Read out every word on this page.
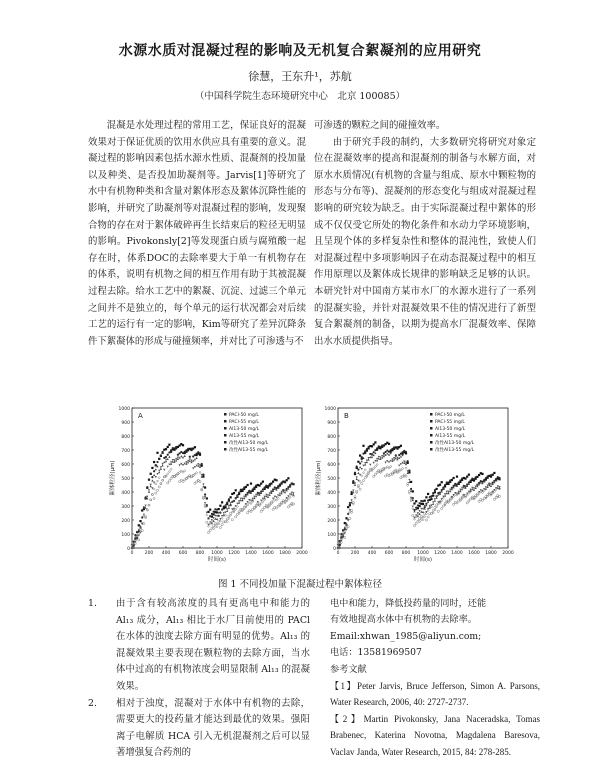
水源水质对混凝过程的影响及无机复合絮凝剂的应用研究
徐慧，王东升¹，苏航
（中国科学院生态环境研究中心　北京 100085）

混凝是水处理过程的常用工艺，保证良好的混凝效果对于保证优质的饮用水供应具有重要的意义。混凝过程的影响因素包括水源水性质、混凝剂的投加量以及种类、是否投加助凝剂等。Jarvis[1]等研究了水中有机物种类和含量对絮体形态及絮体沉降性能的影响，并研究了助凝剂等对混凝过程的影响，发现聚合物的存在对于絮体破碎再生长结束后的粒径无明显的影响。Pivokonsly[2]等发现蛋白质与腐殖酸一起存在时，体系DOC的去除率要大于单一有机物存在的体系，说明有机物之间的相互作用有助于其被混凝过程去除。给水工艺中的絮凝、沉淀、过滤三个单元之间并不是独立的，每个单元的运行状况都会对后续工艺的运行有一定的影响，Kim等研究了差异沉降条件下絮凝体的形成与碰撞频率，并对比了可渗透与不

可渗透的颗粒之间的碰撞效率。

由于研究手段的制约，大多数研究将研究对象定位在混凝效率的提高和混凝剂的制备与水解方面，对原水水质情况(有机物的含量与组成、原水中颗粒物的形态与分布等)、混凝剂的形态变化与组成对混凝过程影响的研究较为缺乏。由于实际混凝过程中絮体的形成不仅仅受它所处的物化条件和水动力学环境影响，且呈现个体的多样复杂性和整体的混沌性，致使人们对混凝过程中多项影响因子在动态混凝过程中的相互作用原理以及絮体成长规律的影响缺乏足够的认识。本研究针对中国南方某市水厂的水源水进行了一系列的混凝实验，并针对混凝效果不佳的情况进行了新型复合絮凝剂的制备，以期为提高水厂混凝效率、保障出水水质提供指导。

0
100
200
300
400
500
600
700
800
900
1000
0	200 400 600 800 1000 1200 1400 1600 1800 2000
时间(s)
絮体粒径(μm)
A	PACl-50 mg/L
PACl-55 mg/L
Al13-50 mg/L
Al13-55 mg/L
改性Al13-50 mg/L
改性Al13-55 mg/L
0
100
200
300
400
500
600
700
800
900
1000
0	200 400 600 800 1000 1200 1400 1600 1800 2000
时间(s)
絮体粒径(μm)
B	PACl-50 mg/L
PACl-55 mg/L
Al13-50 mg/L
Al13-55 mg/L
改性Al13-50 mg/L
改性Al13-55 mg/L
图 1 不同投加量下混凝过程中絮体粒径
1. 由于含有较高浓度的具有更高电中和能力的 Al₁₃ 成分，Al₁₃ 相比于水厂目前使用的 PACl 在水体的浊度去除方面有明显的优势。Al₁₃ 的混凝效果主要表现在颗粒物的去除方面，当水体中过高的有机物浓度会明显限制 Al₁₃ 的混凝效果。
2. 相对于浊度，混凝对于水体中有机物的去除，需要更大的投药量才能达到最优的效果。强阳离子电解质 HCA 引入无机混凝剂之后可以显著增强复合药剂的
电中和能力，降低投药量的同时，还能
有效地提高水体中有机物的去除率。
Email:xhwan_1985@aliyun.com;
电话：13581969507
参考文献
【1】Peter Jarvis, Bruce Jefferson, Simon A. Parsons, Water Research, 2006, 40: 2727-2737.
【2】Martin Pivokonsky, Jana Naceradska, Tomas Brabenec, Katerina Novotna, Magdalena Baresova, Vaclav Janda, Water Research, 2015, 84: 278-285.
